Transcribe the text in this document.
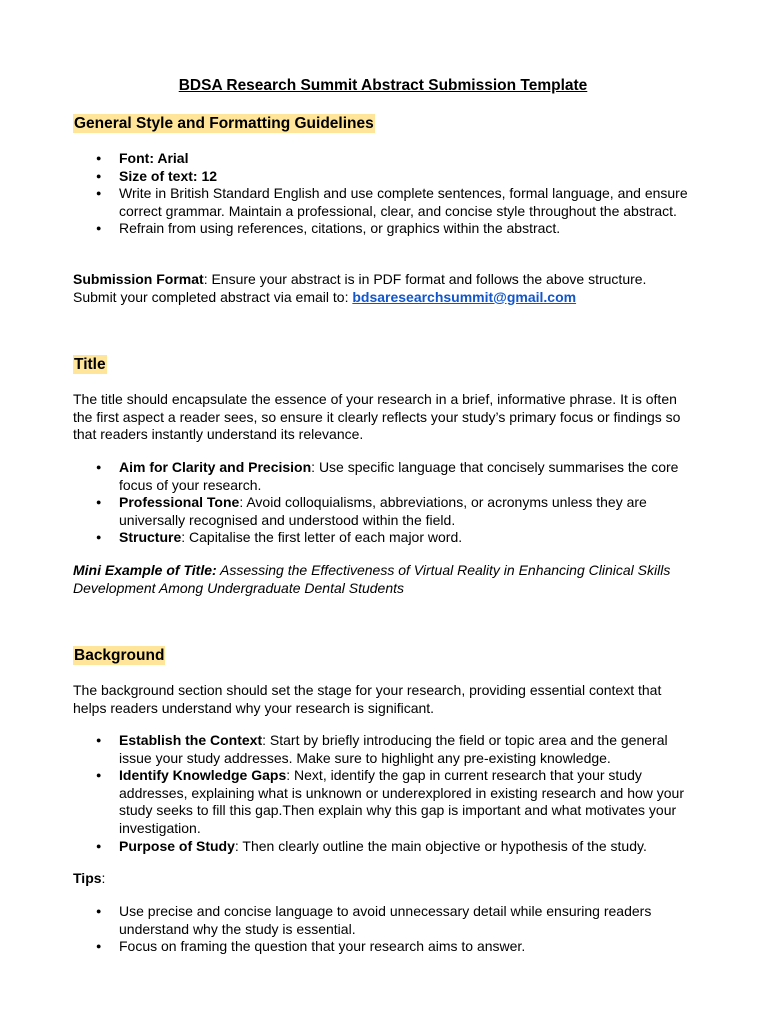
BDSA Research Summit Abstract Submission Template
General Style and Formatting Guidelines
● Font: Arial
● Size of text: 12
● Write in British Standard English and use complete sentences, formal language, and ensure correct grammar. Maintain a professional, clear, and concise style throughout the abstract.
● Refrain from using references, citations, or graphics within the abstract.

Submission Format: Ensure your abstract is in PDF format and follows the above structure.
Submit your completed abstract via email to: bdsaresearchsummit@gmail.com

Title

The title should encapsulate the essence of your research in a brief, informative phrase. It is often the first aspect a reader sees, so ensure it clearly reflects your study’s primary focus or findings so that readers instantly understand its relevance.

● Aim for Clarity and Precision: Use specific language that concisely summarises the core focus of your research.
● Professional Tone: Avoid colloquialisms, abbreviations, or acronyms unless they are universally recognised and understood within the field.
● Structure: Capitalise the first letter of each major word.

Mini Example of Title: Assessing the Effectiveness of Virtual Reality in Enhancing Clinical Skills Development Among Undergraduate Dental Students

Background

The background section should set the stage for your research, providing essential context that helps readers understand why your research is significant.

● Establish the Context: Start by briefly introducing the field or topic area and the general issue your study addresses. Make sure to highlight any pre-existing knowledge.
● Identify Knowledge Gaps: Next, identify the gap in current research that your study addresses, explaining what is unknown or underexplored in existing research and how your study seeks to fill this gap.Then explain why this gap is important and what motivates your investigation.
● Purpose of Study: Then clearly outline the main objective or hypothesis of the study.

Tips:

● Use precise and concise language to avoid unnecessary detail while ensuring readers understand why the study is essential.
● Focus on framing the question that your research aims to answer.
